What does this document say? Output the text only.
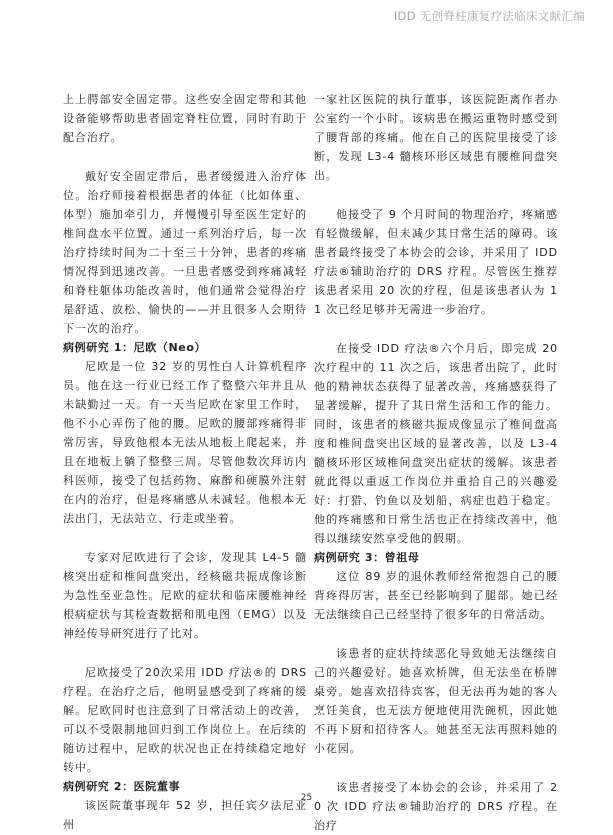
IDD 无创脊柱康复疗法临床文献汇编

上上腭部安全固定带。这些安全固定带和其他设备能够帮助患者固定脊柱位置，同时有助于配合治疗。

戴好安全固定带后，患者缓缓进入治疗体位。治疗师接着根据患者的体征（比如体重、体型）施加牵引力，并慢慢引导至医生定好的椎间盘水平位置。通过一系列治疗后，每一次治疗持续时间为二十至三十分钟，患者的疼痛情况得到迅速改善。一旦患者感受到疼痛减轻和脊柱躯体功能改善时，他们通常会觉得治疗是舒适、放松、愉快的——并且很多人会期待下一次的治疗。

病例研究 1：尼欧（Neo）

尼欧是一位 32 岁的男性白人计算机程序员。他在这一行业已经工作了整整六年并且从未缺勤过一天。有一天当尼欧在家里工作时，他不小心弄伤了他的腰。尼欧的腰部疼痛得非常厉害，导致他根本无法从地板上爬起来，并且在地板上躺了整整三周。尽管他数次拜访内科医师，接受了包括药物、麻醉和硬膜外注射在内的治疗，但是疼痛感从未减轻。他根本无法出门，无法站立、行走或坐着。

专家对尼欧进行了会诊，发现其 L4-5 髓核突出症和椎间盘突出，经核磁共振成像诊断为急性至亚急性。尼欧的症状和临床腰椎神经根病症状与其检查数据和肌电图（EMG）以及神经传导研究进行了比对。

尼欧接受了20次采用 IDD 疗法®的 DRS 疗程。在治疗之后，他明显感受到了疼痛的缓解。尼欧同时也注意到了日常活动上的改善，可以不受限制地回归到工作岗位上。在后续的随访过程中，尼欧的状况也正在持续稳定地好转中。

病例研究 2：医院董事

该医院董事现年 52 岁，担任宾夕法尼亚州

一家社区医院的执行董事，该医院距离作者办公室约一个小时。该病患在搬运重物时感受到了腰背部的疼痛。他在自己的医院里接受了诊断，发现 L3-4 髓核环形区域患有腰椎间盘突出。

他接受了 9 个月时间的物理治疗，疼痛感有轻微缓解，但未减少其日常生活的障碍。该患者最终接受了本协会的会诊，并采用了 IDD 疗法®辅助治疗的 DRS 疗程。尽管医生推荐该患者采用 20 次的疗程，但是该患者认为 11 次已经足够并无需进一步治疗。

在接受 IDD 疗法®六个月后，即完成 20 次疗程中的 11 次之后，该患者出院了，此时他的精神状态获得了显著改善，疼痛感获得了显著缓解，提升了其日常生活和工作的能力。同时，该患者的核磁共振成像显示了椎间盘高度和椎间盘突出区域的显著改善，以及 L3-4 髓核环形区域椎间盘突出症状的缓解。该患者就此得以重返工作岗位并重拾自己的兴趣爱好：打猎、钓鱼以及划船，病症也趋于稳定。他的疼痛感和日常生活也正在持续改善中，他得以继续安然享受他的假期。

病例研究 3：曾祖母

这位 89 岁的退休教师经常抱怨自己的腰背疼得厉害，甚至已经影响到了腿部。她已经无法继续自己已经坚持了很多年的日常活动。

该患者的症状持续恶化导致她无法继续自己的兴趣爱好。她喜欢桥牌，但无法坐在桥牌桌旁。她喜欢招待宾客，但无法再为她的客人烹饪美食，也无法方便地使用洗碗机，因此她不再下厨和招待客人。她甚至无法再照料她的小花园。

该患者接受了本协会的会诊，并采用了 20 次 IDD 疗法®辅助治疗的 DRS 疗程。在治疗

25
